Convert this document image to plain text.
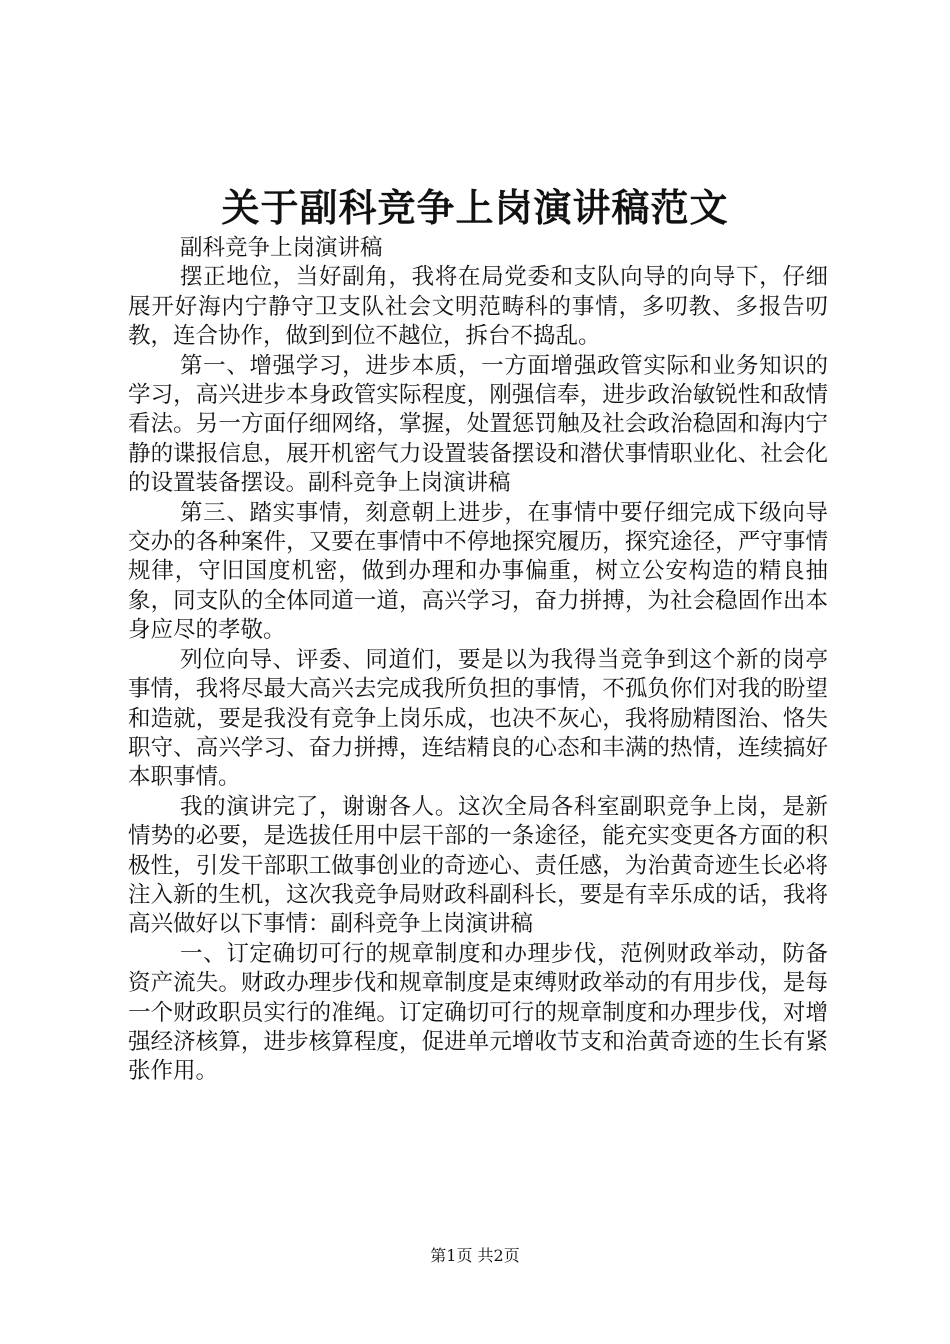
关于副科竞争上岗演讲稿范文

副科竞争上岗演讲稿

摆正地位，当好副角，我将在局党委和支队向导的向导下，仔细展开好海内宁静守卫支队社会文明范畴科的事情，多叨教、多报告叨教，连合协作，做到到位不越位，拆台不捣乱。

第一、增强学习，进步本质，一方面增强政管实际和业务知识的学习，高兴进步本身政管实际程度，刚强信奉，进步政治敏锐性和敌情看法。另一方面仔细网络，掌握，处置惩罚触及社会政治稳固和海内宁静的谍报信息，展开机密气力设置装备摆设和潜伏事情职业化、社会化的设置装备摆设。副科竞争上岗演讲稿

第三、踏实事情，刻意朝上进步，在事情中要仔细完成下级向导交办的各种案件，又要在事情中不停地探究履历，探究途径，严守事情规律，守旧国度机密，做到办理和办事偏重，树立公安构造的精良抽象，同支队的全体同道一道，高兴学习，奋力拼搏，为社会稳固作出本身应尽的孝敬。

列位向导、评委、同道们，要是以为我得当竞争到这个新的岗亭事情，我将尽最大高兴去完成我所负担的事情，不孤负你们对我的盼望和造就，要是我没有竞争上岗乐成，也决不灰心，我将励精图治、恪失职守、高兴学习、奋力拼搏，连结精良的心态和丰满的热情，连续搞好本职事情。

我的演讲完了，谢谢各人。这次全局各科室副职竞争上岗，是新情势的必要，是选拔任用中层干部的一条途径，能充实变更各方面的积极性，引发干部职工做事创业的奇迹心、责任感，为治黄奇迹生长必将注入新的生机，这次我竞争局财政科副科长，要是有幸乐成的话，我将高兴做好以下事情：副科竞争上岗演讲稿

一、订定确切可行的规章制度和办理步伐，范例财政举动，防备资产流失。财政办理步伐和规章制度是束缚财政举动的有用步伐，是每一个财政职员实行的准绳。订定确切可行的规章制度和办理步伐，对增强经济核算，进步核算程度，促进单元增收节支和治黄奇迹的生长有紧张作用。

第1页 共2页
